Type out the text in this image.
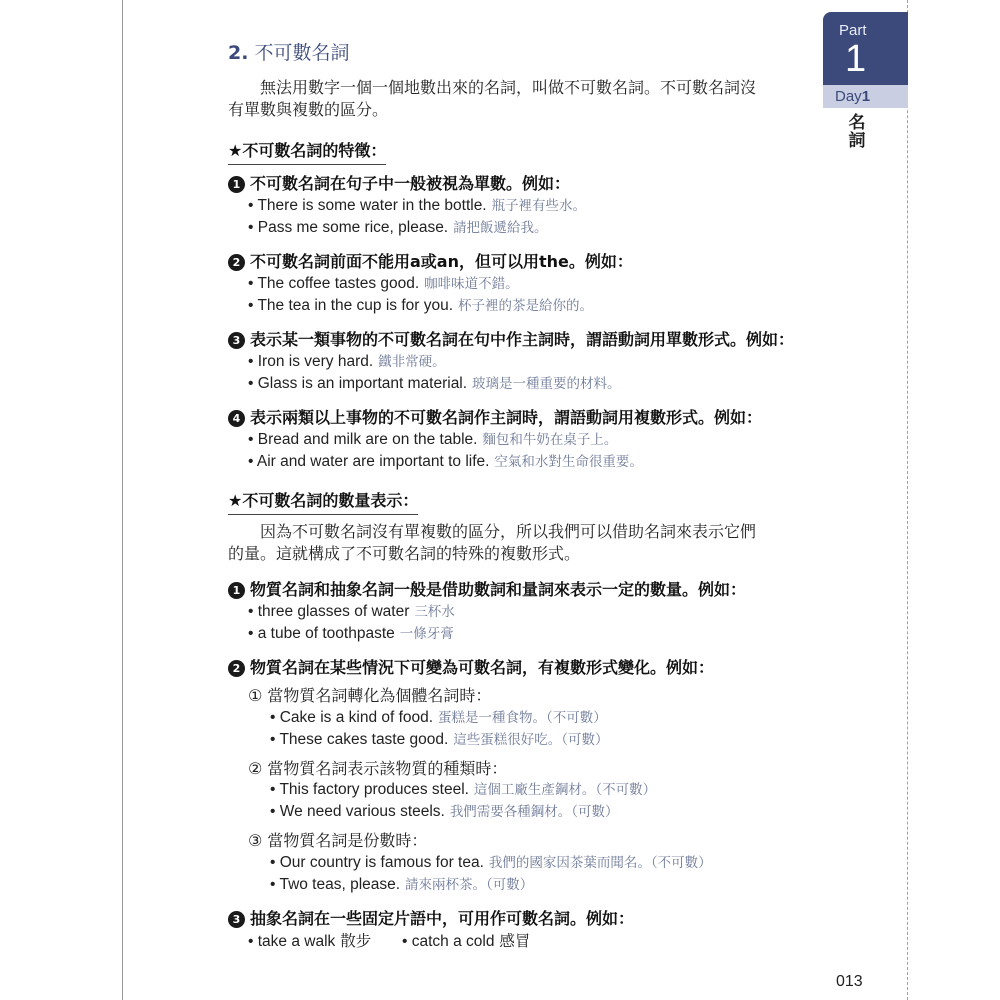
Part
1
Day1
名詞
2. 不可數名詞
無法用數字一個一個地數出來的名詞，叫做不可數名詞。不可數名詞沒
有單數與複數的區分。
★不可數名詞的特徵：
1 不可數名詞在句子中一般被視為單數。例如：
• There is some water in the bottle. 瓶子裡有些水。
• Pass me some rice, please. 請把飯遞給我。
2 不可數名詞前面不能用a或an，但可以用the。例如：
• The coffee tastes good. 咖啡味道不錯。
• The tea in the cup is for you. 杯子裡的茶是給你的。
3 表示某一類事物的不可數名詞在句中作主詞時，謂語動詞用單數形式。例如：
• Iron is very hard. 鐵非常硬。
• Glass is an important material. 玻璃是一種重要的材料。
4 表示兩類以上事物的不可數名詞作主詞時，謂語動詞用複數形式。例如：
• Bread and milk are on the table. 麵包和牛奶在桌子上。
• Air and water are important to life. 空氣和水對生命很重要。
★不可數名詞的數量表示：
因為不可數名詞沒有單複數的區分，所以我們可以借助名詞來表示它們
的量。這就構成了不可數名詞的特殊的複數形式。
1 物質名詞和抽象名詞一般是借助數詞和量詞來表示一定的數量。例如：
• three glasses of water 三杯水
• a tube of toothpaste 一條牙膏
2 物質名詞在某些情況下可變為可數名詞，有複數形式變化。例如：
① 當物質名詞轉化為個體名詞時：
• Cake is a kind of food. 蛋糕是一種食物。（不可數）
• These cakes taste good. 這些蛋糕很好吃。（可數）
② 當物質名詞表示該物質的種類時：
• This factory produces steel. 這個工廠生產鋼材。（不可數）
• We need various steels. 我們需要各種鋼材。（可數）
③ 當物質名詞是份數時：
• Our country is famous for tea. 我們的國家因茶葉而聞名。（不可數）
• Two teas, please. 請來兩杯茶。（可數）
3 抽象名詞在一些固定片語中，可用作可數名詞。例如：
• take a walk 散步 • catch a cold 感冒
013
